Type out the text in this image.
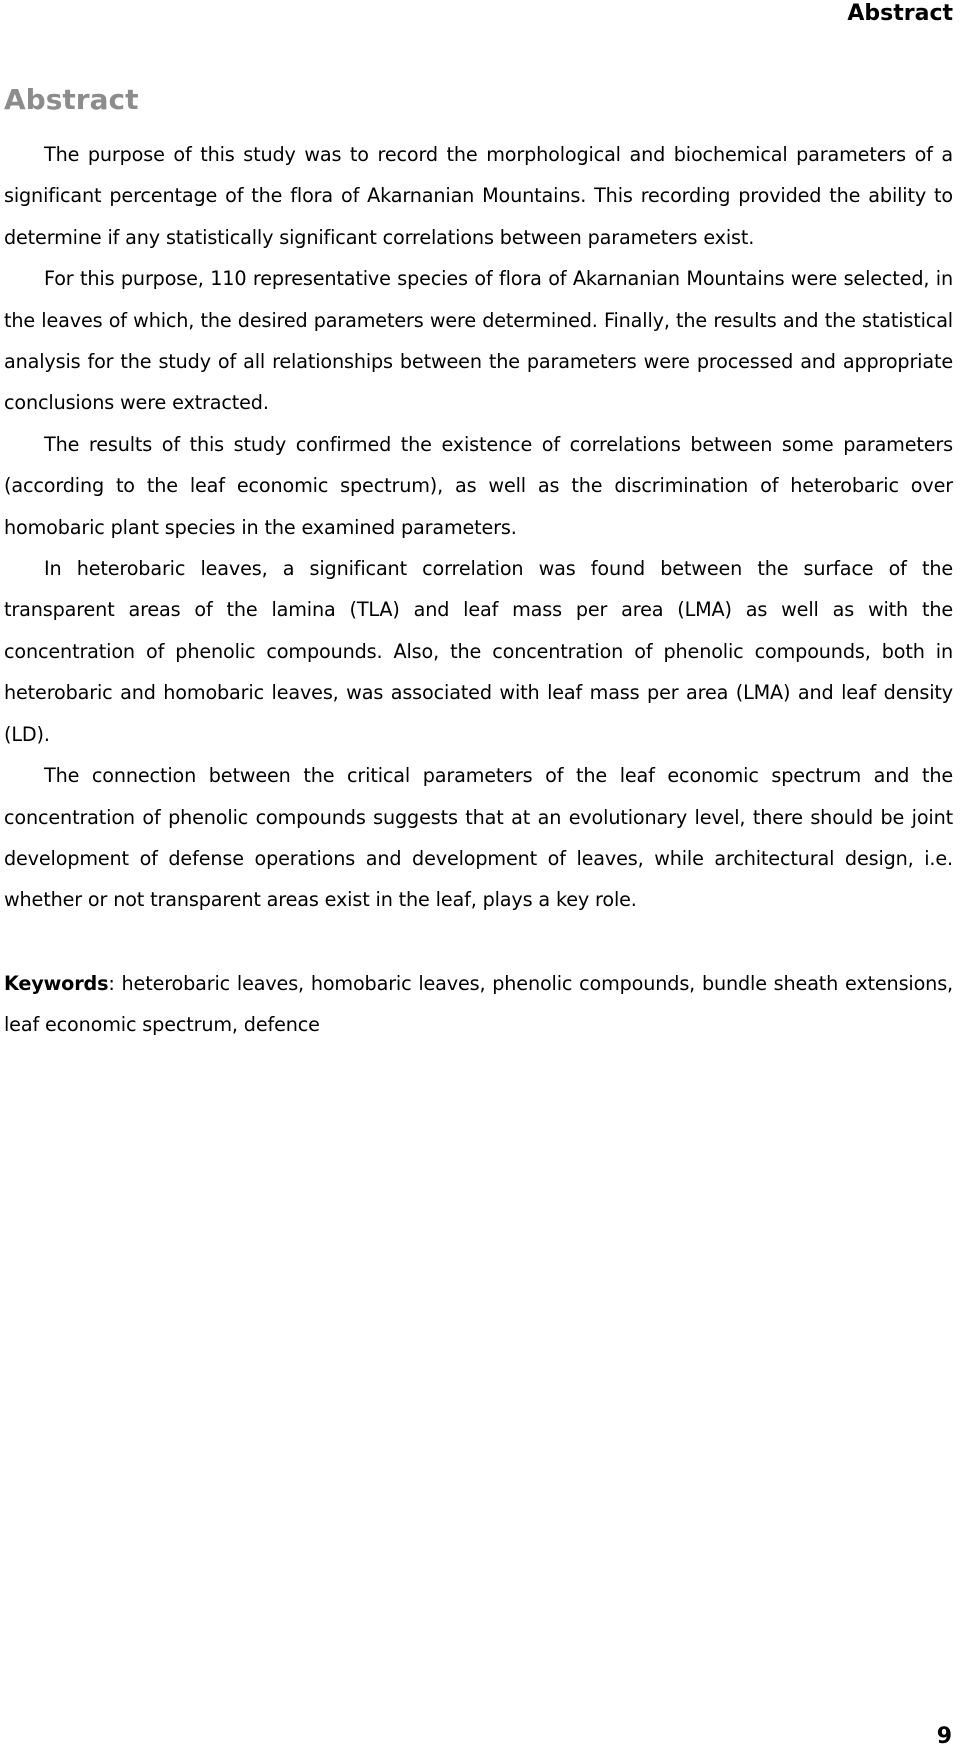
Abstract
Abstract

The purpose of this study was to record the morphological and biochemical parameters of a significant percentage of the flora of Akarnanian Mountains. This recording provided the ability to determine if any statistically significant correlations between parameters exist.

For this purpose, 110 representative species of flora of Akarnanian Mountains were selected, in the leaves of which, the desired parameters were determined. Finally, the results and the statistical analysis for the study of all relationships between the parameters were processed and appropriate conclusions were extracted.

The results of this study confirmed the existence of correlations between some parameters (according to the leaf economic spectrum), as well as the discrimination of heterobaric over homobaric plant species in the examined parameters.

In heterobaric leaves, a significant correlation was found between the surface of the transparent areas of the lamina (TLA) and leaf mass per area (LMA) as well as with the concentration of phenolic compounds. Also, the concentration of phenolic compounds, both in heterobaric and homobaric leaves, was associated with leaf mass per area (LMA) and leaf density (LD).

The connection between the critical parameters of the leaf economic spectrum and the concentration of phenolic compounds suggests that at an evolutionary level, there should be joint development of defense operations and development of leaves, while architectural design, i.e. whether or not transparent areas exist in the leaf, plays a key role.

Keywords: heterobaric leaves, homobaric leaves, phenolic compounds, bundle sheath extensions, leaf economic spectrum, defence

9
